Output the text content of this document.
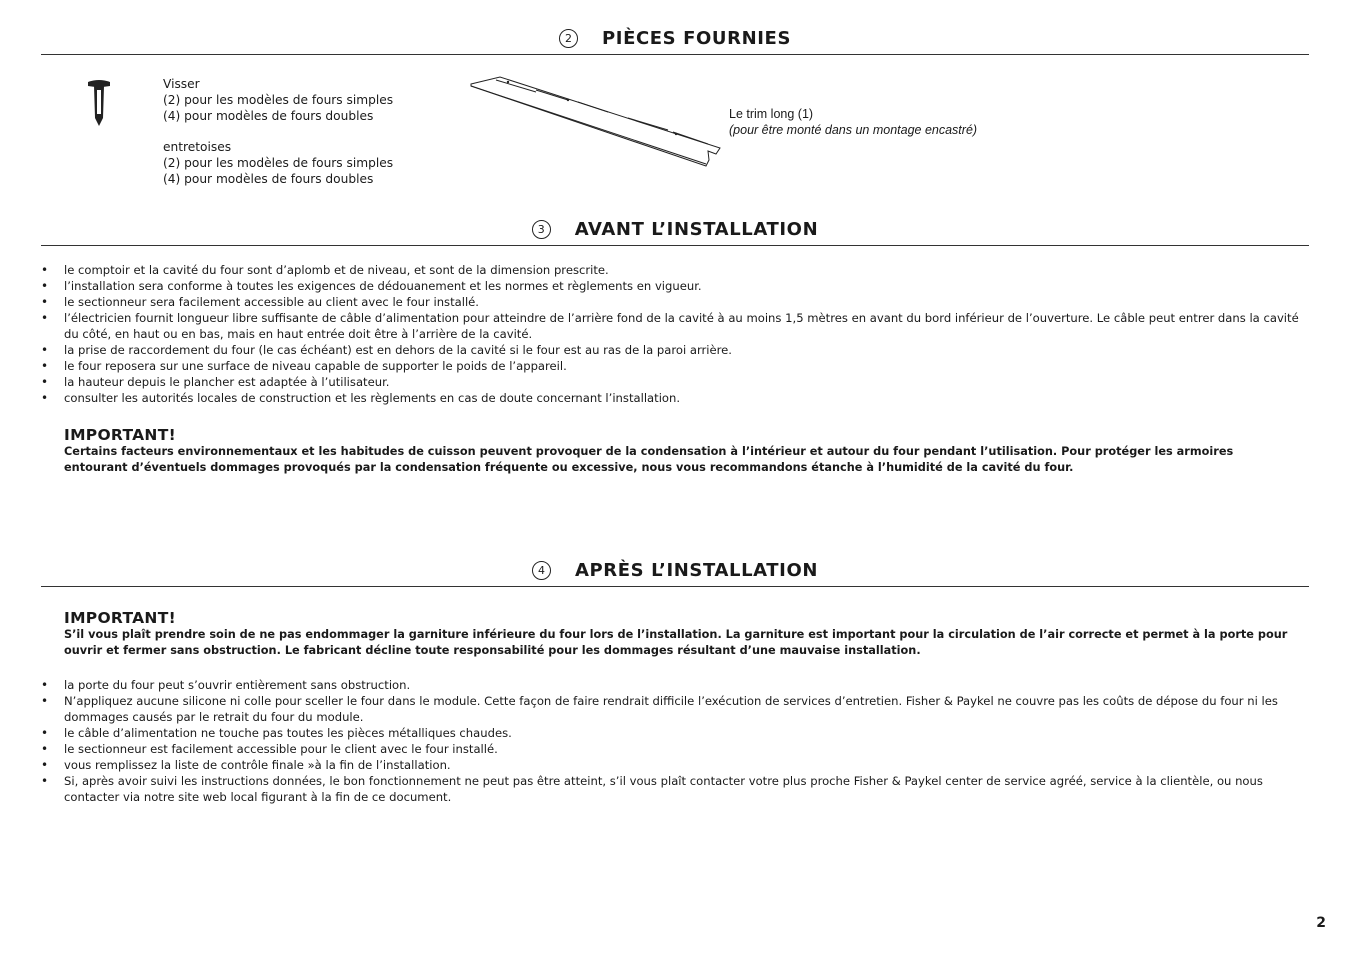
2	PIÈCES FOURNIES
Visser
(2) pour les modèles de fours simples
(4) pour modèles de fours doubles
entretoises
(2) pour les modèles de fours simples
(4) pour modèles de fours doubles
Le trim long (1)
(pour être monté dans un montage encastré)
3	AVANT L’INSTALLATION
• le comptoir et la cavité du four sont d’aplomb et de niveau, et sont de la dimension prescrite.
• l’installation sera conforme à toutes les exigences de dédouanement et les normes et règlements en vigueur.
• le sectionneur sera facilement accessible au client avec le four installé.
• l’électricien fournit longueur libre suffisante de câble d’alimentation pour atteindre de l’arrière fond de la cavité à au moins 1,5 mètres en avant du bord inférieur de l’ouverture. Le câble peut entrer dans la cavité du côté, en haut ou en bas, mais en haut entrée doit être à l’arrière de la cavité.
• la prise de raccordement du four (le cas échéant) est en dehors de la cavité si le four est au ras de la paroi arrière.
• le four reposera sur une surface de niveau capable de supporter le poids de l’appareil.
• la hauteur depuis le plancher est adaptée à l’utilisateur.
• consulter les autorités locales de construction et les règlements en cas de doute concernant l’installation.
IMPORTANT!
Certains facteurs environnementaux et les habitudes de cuisson peuvent provoquer de la condensation à l’intérieur et autour du four pendant l’utilisation. Pour protéger les armoires entourant d’éventuels dommages provoqués par la condensation fréquente ou excessive, nous vous recommandons étanche à l’humidité de la cavité du four.
4	APRÈS L’INSTALLATION
IMPORTANT!
S’il vous plaît prendre soin de ne pas endommager la garniture inférieure du four lors de l’installation. La garniture est important pour la circulation de l’air correcte et permet à la porte pour ouvrir et fermer sans obstruction. Le fabricant décline toute responsabilité pour les dommages résultant d’une mauvaise installation.
• la porte du four peut s’ouvrir entièrement sans obstruction.
• N’appliquez aucune silicone ni colle pour sceller le four dans le module. Cette façon de faire rendrait difficile l’exécution de services d’entretien. Fisher & Paykel ne couvre pas les coûts de dépose du four ni les dommages causés par le retrait du four du module.
• le câble d’alimentation ne touche pas toutes les pièces métalliques chaudes.
• le sectionneur est facilement accessible pour le client avec le four installé.
• vous remplissez la liste de contrôle finale »à la fin de l’installation.
• Si, après avoir suivi les instructions données, le bon fonctionnement ne peut pas être atteint, s’il vous plaît contacter votre plus proche Fisher & Paykel center de service agréé, service à la clientèle, ou nous contacter via notre site web local figurant à la fin de ce document.
2
